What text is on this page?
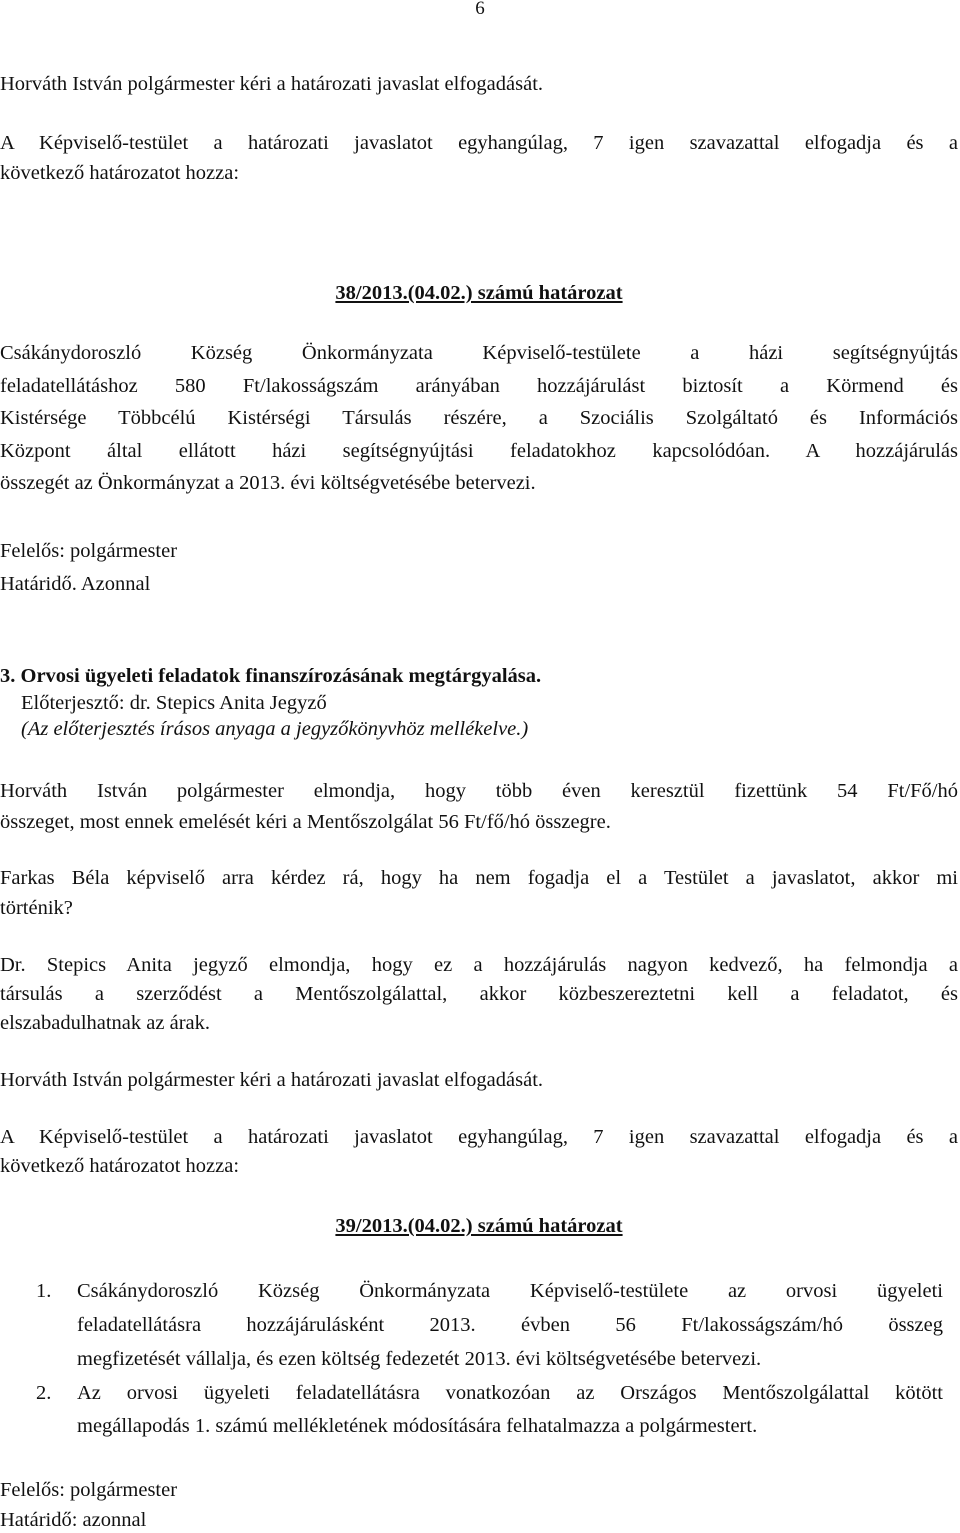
6
Horváth István polgármester kéri a határozati javaslat elfogadását.
A Képviselő-testület a határozati javaslatot egyhangúlag, 7 igen szavazattal elfogadja és a
következő határozatot hozza:
38/2013.(04.02.) számú határozat
Csákánydoroszló Község Önkormányzata Képviselő-testülete a házi segítségnyújtás
feladatellátáshoz 580 Ft/lakosságszám arányában hozzájárulást biztosít a Körmend és
Kistérsége Többcélú Kistérségi Társulás részére, a Szociális Szolgáltató és Információs
Központ által ellátott házi segítségnyújtási feladatokhoz kapcsolódóan. A hozzájárulás
összegét az Önkormányzat a 2013. évi költségvetésébe betervezi.
Felelős: polgármester
Határidő. Azonnal
3. Orvosi ügyeleti feladatok finanszírozásának megtárgyalása.
Előterjesztő: dr. Stepics Anita Jegyző
(Az előterjesztés írásos anyaga a jegyzőkönyvhöz mellékelve.)
Horváth István polgármester elmondja, hogy több éven keresztül fizettünk 54 Ft/Fő/hó
összeget, most ennek emelését kéri a Mentőszolgálat 56 Ft/fő/hó összegre.
Farkas Béla képviselő arra kérdez rá, hogy ha nem fogadja el a Testület a javaslatot, akkor mi
történik?
Dr. Stepics Anita jegyző elmondja, hogy ez a hozzájárulás nagyon kedvező, ha felmondja a
társulás a szerződést a Mentőszolgálattal, akkor közbeszereztetni kell a feladatot, és
elszabadulhatnak az árak.
Horváth István polgármester kéri a határozati javaslat elfogadását.
A Képviselő-testület a határozati javaslatot egyhangúlag, 7 igen szavazattal elfogadja és a
következő határozatot hozza:
39/2013.(04.02.) számú határozat
1.	Csákánydoroszló Község Önkormányzata Képviselő-testülete az orvosi ügyeleti
feladatellátásra hozzájárulásként 2013. évben 56 Ft/lakosságszám/hó összeg
megfizetését vállalja, és ezen költség fedezetét 2013. évi költségvetésébe betervezi.
2.	Az orvosi ügyeleti feladatellátásra vonatkozóan az Országos Mentőszolgálattal kötött
megállapodás 1. számú mellékletének módosítására felhatalmazza a polgármestert.
Felelős: polgármester
Határidő: azonnal
